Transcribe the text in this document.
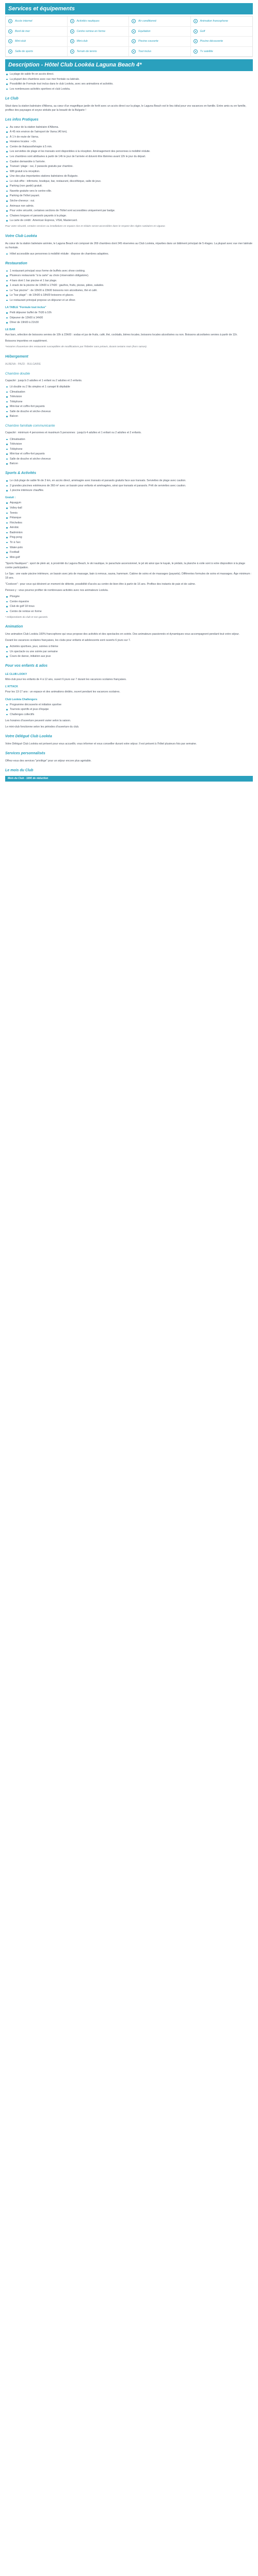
Services et équipements
Accès internet	Activités nautiques	Air conditionné	Animation francophone
Bord de mer	Centre remise en forme	Equitation	Golf
Mini-club	Mini-club	Piscine couverte	Piscine découverte
Salle de sports	Terrain de tennis	Tout inclus	Tv satellite
Description - Hôtel Club Lookéa Laguna Beach 4*
La plage de sable fin en accès direct.
La plupart des chambres avec vue mer frontale ou latérale.
Possibilité de Formule tout inclus dans le club Lookéa, avec ses animations et activités.
Les nombreuses activités sportives et club Lookéa.
Le Club

Situé dans la station balnéaire d'Albena, au cœur d'un magnifique jardin de forêt avec un accès direct sur la plage, le Laguna Beach est le lieu idéal pour vos vacances en famille. Entre amis ou en famille, profitez des paysages et soyez séduits par la beauté de la Bulgarie !

Les infos Pratiques
Au cœur de la station balnéaire d'Albena.
À 45 min environ de l'aéroport de Varna (40 km).
À 1 h de route de Varna.
Horaires locales : +1h.
Centre de thalassothérapie à 5 min.
Les serviettes de plage et les transats sont disponibles à la réception. Aménagement des personnes à mobilité réduite.
Les chambres sont attribuées à partir de 14h le jour de l'arrivée et doivent être libérées avant 12h le jour du départ.
Caution demandée à l'arrivée.
Transat / plage : oui, 2 parasols gratuits par chambre.
Wifi gratuit à la réception.
Une des plus importantes stations balnéaires de Bulgarie.
Le club offre : infirmerie, boutique, bar, restaurant, discothèque, salle de jeux.
Parking (non gardé) gratuit.
Navette gratuite vers le centre-ville.
Parking de l'hôtel payant.
Sèche-cheveux : oui.
Animaux non admis.
Pour votre sécurité, certaines sections de l'hôtel sont accessibles uniquement par badge.
Chaises longues et parasols payants à la plage.
La carte de crédit : American Express, VISA, Mastercard.

Pour votre sécurité, certains services ou installations en espace clos et réduits seront accessibles dans le respect des règles sanitaires en vigueur.

Votre Club Lookéa

Au cœur de la station balnéaire animée, le Laguna Beach est composé de 269 chambres dont 245 réservées au Club Lookéa, réparties dans un bâtiment principal de 5 étages. La plupart avec vue mer latérale ou frontale.

Hôtel accessible aux personnes à mobilité réduite : dispose de chambres adaptées.
Restauration
1 restaurant principal sous forme de buffets avec show cooking.
Plusieurs restaurants "à la carte" au choix (réservation obligatoire).
4 bars dont 1 bar piscine et 1 bar plage.
1 snack de la piscine de 10h00 à 17h00 : gaufres, fruits, pizzas, pâtes, salades.
Le "bar piscine" : de 10h00 à 23h00 boissons non alcoolisées, thé et café.
Le "bar plage" : de 10h00 à 18h00 boissons et glaces.
Le restaurant principal propose un déjeuner et un dîner.
LA TABLE "Formule tout inclus"
Petit déjeuner buffet de 7h30 à 10h
Déjeuner de 12h00 à 14h00
Dîner de 19h00 à 21h30
LE BAR

Aux bars, sélection de boissons servies de 10h à 23h00 : sodas et jus de fruits, café, thé, cocktails, bières locales, boissons locales alcoolisées ou non. Boissons alcoolisées servies à partir de 11h.

Boissons importées en supplément.

*Horaires d'ouverture des restaurants susceptibles de modifications par l'hôtelier sans préavis, durant certains mois (hors saison).

Hébergement

ALBENA - PAZD - BULGARIE

Chambre double

Capacité : jusqu'à 3 adultes et 1 enfant ou 2 adultes et 2 enfants.

Lit double ou 2 lits simples et 1 canapé lit dépliable
Climatisation
Télévision
Téléphone
Mini-bar et coffre-fort payants
Salle de douche et sèche-cheveux
Balcon
Chambre familiale communicante

Capacité : minimum 4 personnes et maximum 5 personnes : jusqu'à 4 adultes et 1 enfant ou 2 adultes et 2 enfants.

Climatisation
Télévision
Téléphone
Mini-bar et coffre-fort payants
Salle de douche et sèche-cheveux
Balcon
Sports & Activités
Le club plage de sable fin de 3 km, en accès direct, aménagée avec transats et parasols gratuits face aux transats. Serviettes de plage avec caution.
2 grandes piscines extérieures de 360 m² avec un bassin pour enfants et aménagées, ainsi que transats et parasols. Prêt de serviettes avec caution.
1 piscine intérieure chauffée.
Gratuit :
Aquagym
Volley-ball
Tennis
Pétanque
Fléchettes
Aérobic
Badminton
Ping-pong
Tir à l'arc
Water-polo
Football
Mini-golf

"Sports Nautiques" : sport de plein air, à proximité du Laguna Beach, le ski nautique, le parachute ascensionnel, le jet ski ainsi que le kayak, le pédalo, la planche à voile sont à votre disposition à la plage contre participation.

Le Spa : une vaste piscine intérieure, un bassin avec jets de massage, bain à remous, sauna, hammam. Cabine de soins et de massages (payants). Différentes formules de soins et massages. Âge minimum : 18 ans.

"Cookoon" : pour ceux qui désirent un moment de détente, possibilité d'accès au centre de bien-être à partir de 16 ans. Profitez des instants de paix et de calme.

Pensez-y : vous pourrez profiter de nombreuses activités avec nos animateurs Lookéa.

Plongée
Centre équestre
Club de golf 18 trous
Centre de remise en forme

* Indépendants du club et non garantis.

Animation

Une animation Club Lookéa 100% francophone qui vous propose des activités et des spectacles en soirée. Des animateurs passionnés et dynamiques vous accompagnent pendant tout votre séjour.

Durant les vacances scolaires françaises, les clubs pour enfants et adolescents sont ouverts 6 jours sur 7.

Activités sportives, jeux, soirées à thème
Un spectacle ou une soirée par semaine
Cours de danse, initiation aux jeux
Pour vos enfants & ados
LE CLUB LOOKY

Mini-club pour les enfants de 4 à 12 ans, ouvert 6 jours sur 7 durant les vacances scolaires françaises.

L'ATTACK

Pour les 13-17 ans : un espace et des animations dédiés, ouvert pendant les vacances scolaires.

Club Lookéa Challengers
Programme découverte et initiation sportive
Tournois sportifs et jeux d'équipe
Challenges collectifs

Les horaires d'ouverture peuvent varier selon la saison.

Le mini-club fonctionne selon les périodes d'ouverture du club.

Votre Délégué Club Lookéa

Votre Délégué Club Lookéa est présent pour vous accueillir, vous informer et vous conseiller durant votre séjour. Il est présent à l'hôtel plusieurs fois par semaine.

Services personnalisés

Offrez-vous des services "privilège" pour un séjour encore plus agréable.

Le mois du Club
Mois du Club - 100€ de réduction
